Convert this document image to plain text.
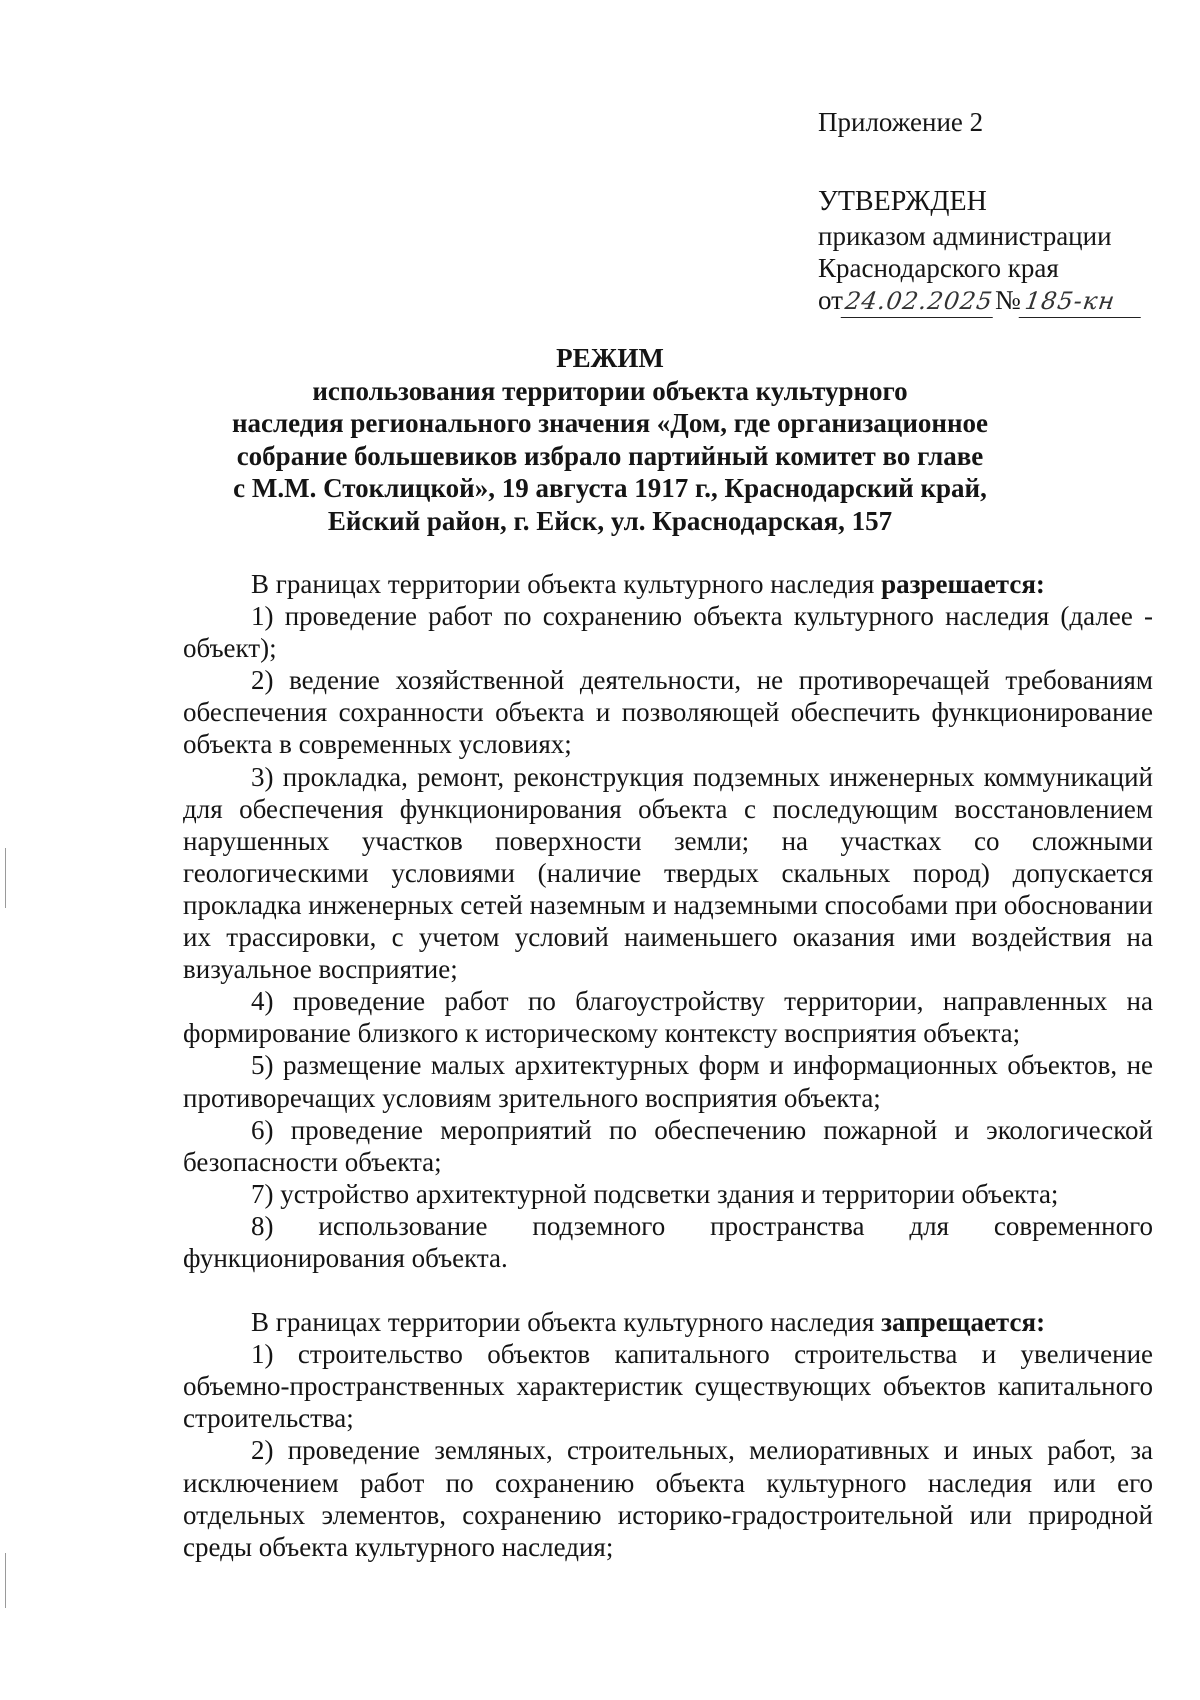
Приложение 2
УТВЕРЖДЕН
приказом администрации
Краснодарского края
от24.02.2025№185-кн
РЕЖИМ
использования территории объекта культурного
наследия регионального значения «Дом, где организационное
собрание большевиков избрало партийный комитет во главе
с М.М. Стоклицкой», 19 августа 1917 г., Краснодарский край,
Ейский район, г. Ейск, ул. Краснодарская, 157

В границах территории объекта культурного наследия разрешается:

1) проведение работ по сохранению объекта культурного наследия (далее - объект);

2) ведение хозяйственной деятельности, не противоречащей требованиям обеспечения сохранности объекта и позволяющей обеспечить функционирование объекта в современных условиях;

3) прокладка, ремонт, реконструкция подземных инженерных коммуникаций для обеспечения функционирования объекта с последующим восстановлением нарушенных участков поверхности земли; на участках со сложными геологическими условиями (наличие твердых скальных пород) допускается прокладка инженерных сетей наземным и надземными способами при обосновании их трассировки, с учетом условий наименьшего оказания ими воздействия на визуальное восприятие;

4) проведение работ по благоустройству территории, направленных на формирование близкого к историческому контексту восприятия объекта;

5) размещение малых архитектурных форм и информационных объектов, не противоречащих условиям зрительного восприятия объекта;

6) проведение мероприятий по обеспечению пожарной и экологической безопасности объекта;

7) устройство архитектурной подсветки здания и территории объекта;

8) использование подземного пространства для современного функционирования объекта.

В границах территории объекта культурного наследия запрещается:

1) строительство объектов капитального строительства и увеличение объемно-пространственных характеристик существующих объектов капитального строительства;

2) проведение земляных, строительных, мелиоративных и иных работ, за исключением работ по сохранению объекта культурного наследия или его отдельных элементов, сохранению историко-градостроительной или природной среды объекта культурного наследия;
